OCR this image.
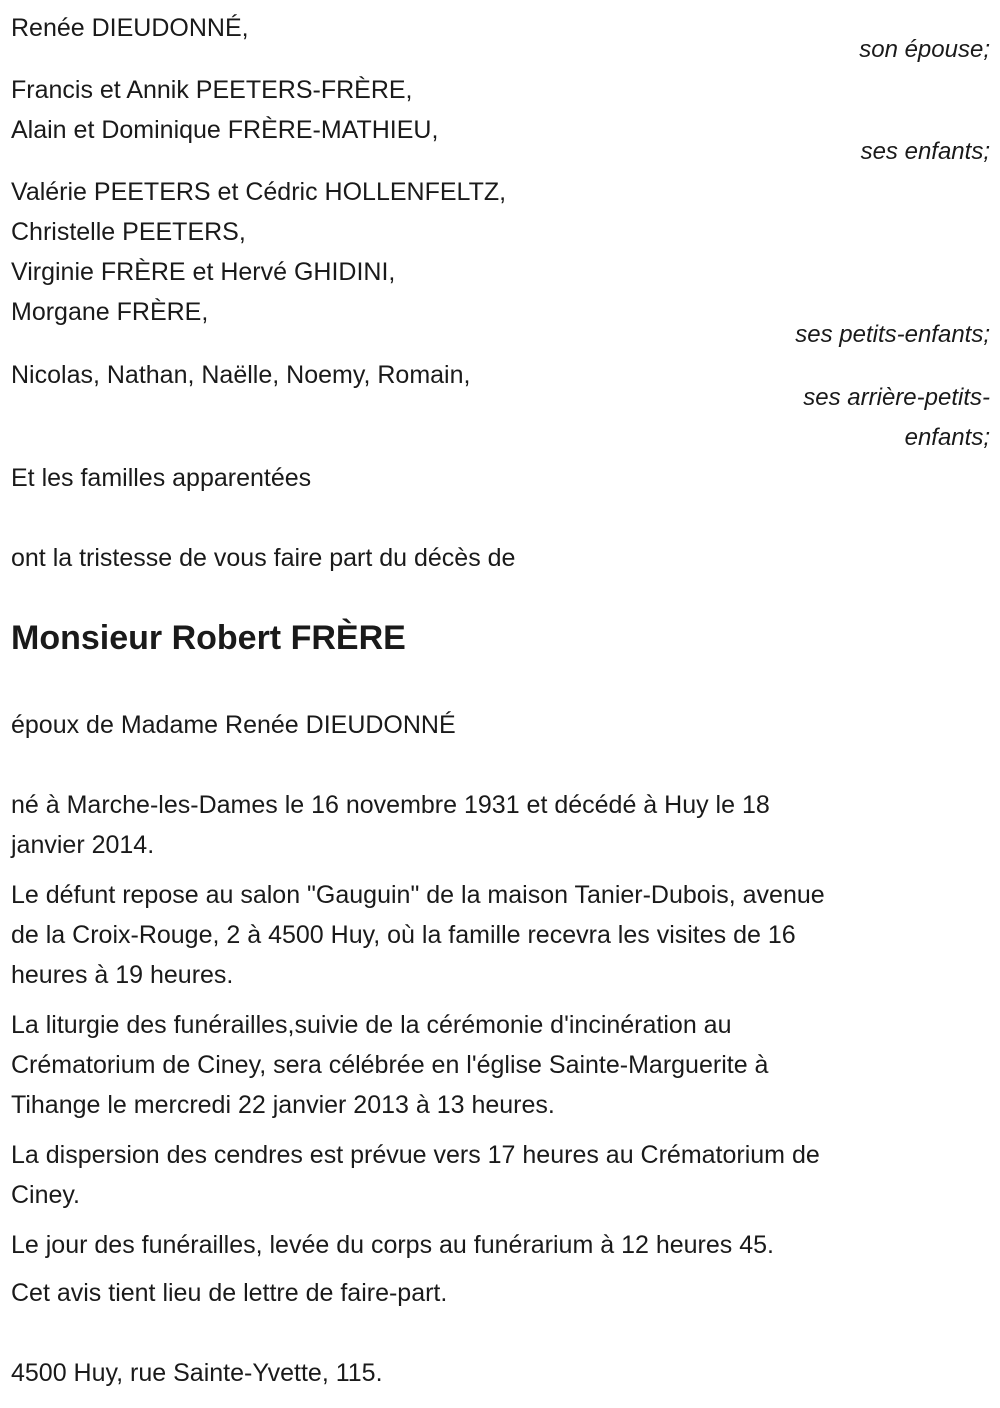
Renée DIEUDONNÉ,
son épouse;
Francis et Annik PEETERS-FRÈRE,
Alain et Dominique FRÈRE-MATHIEU,
ses enfants;
Valérie PEETERS et Cédric HOLLENFELTZ,
Christelle PEETERS,
Virginie FRÈRE et Hervé GHIDINI,
Morgane FRÈRE,
ses petits-enfants;
Nicolas, Nathan, Naëlle, Noemy, Romain,
ses arrière-petits-
enfants;
Et les familles apparentées
ont la tristesse de vous faire part du décès de
Monsieur Robert FRÈRE
époux de Madame Renée DIEUDONNÉ
né à Marche-les-Dames le 16 novembre 1931 et décédé à Huy le 18
janvier 2014.
Le défunt repose au salon "Gauguin" de la maison Tanier-Dubois, avenue
de la Croix-Rouge, 2 à 4500 Huy, où la famille recevra les visites de 16
heures à 19 heures.
La liturgie des funérailles,suivie de la cérémonie d'incinération au
Crématorium de Ciney, sera célébrée en l'église Sainte-Marguerite à
Tihange le mercredi 22 janvier 2013 à 13 heures.
La dispersion des cendres est prévue vers 17 heures au Crématorium de
Ciney.
Le jour des funérailles, levée du corps au funérarium à 12 heures 45.
Cet avis tient lieu de lettre de faire-part.
4500 Huy, rue Sainte-Yvette, 115.
